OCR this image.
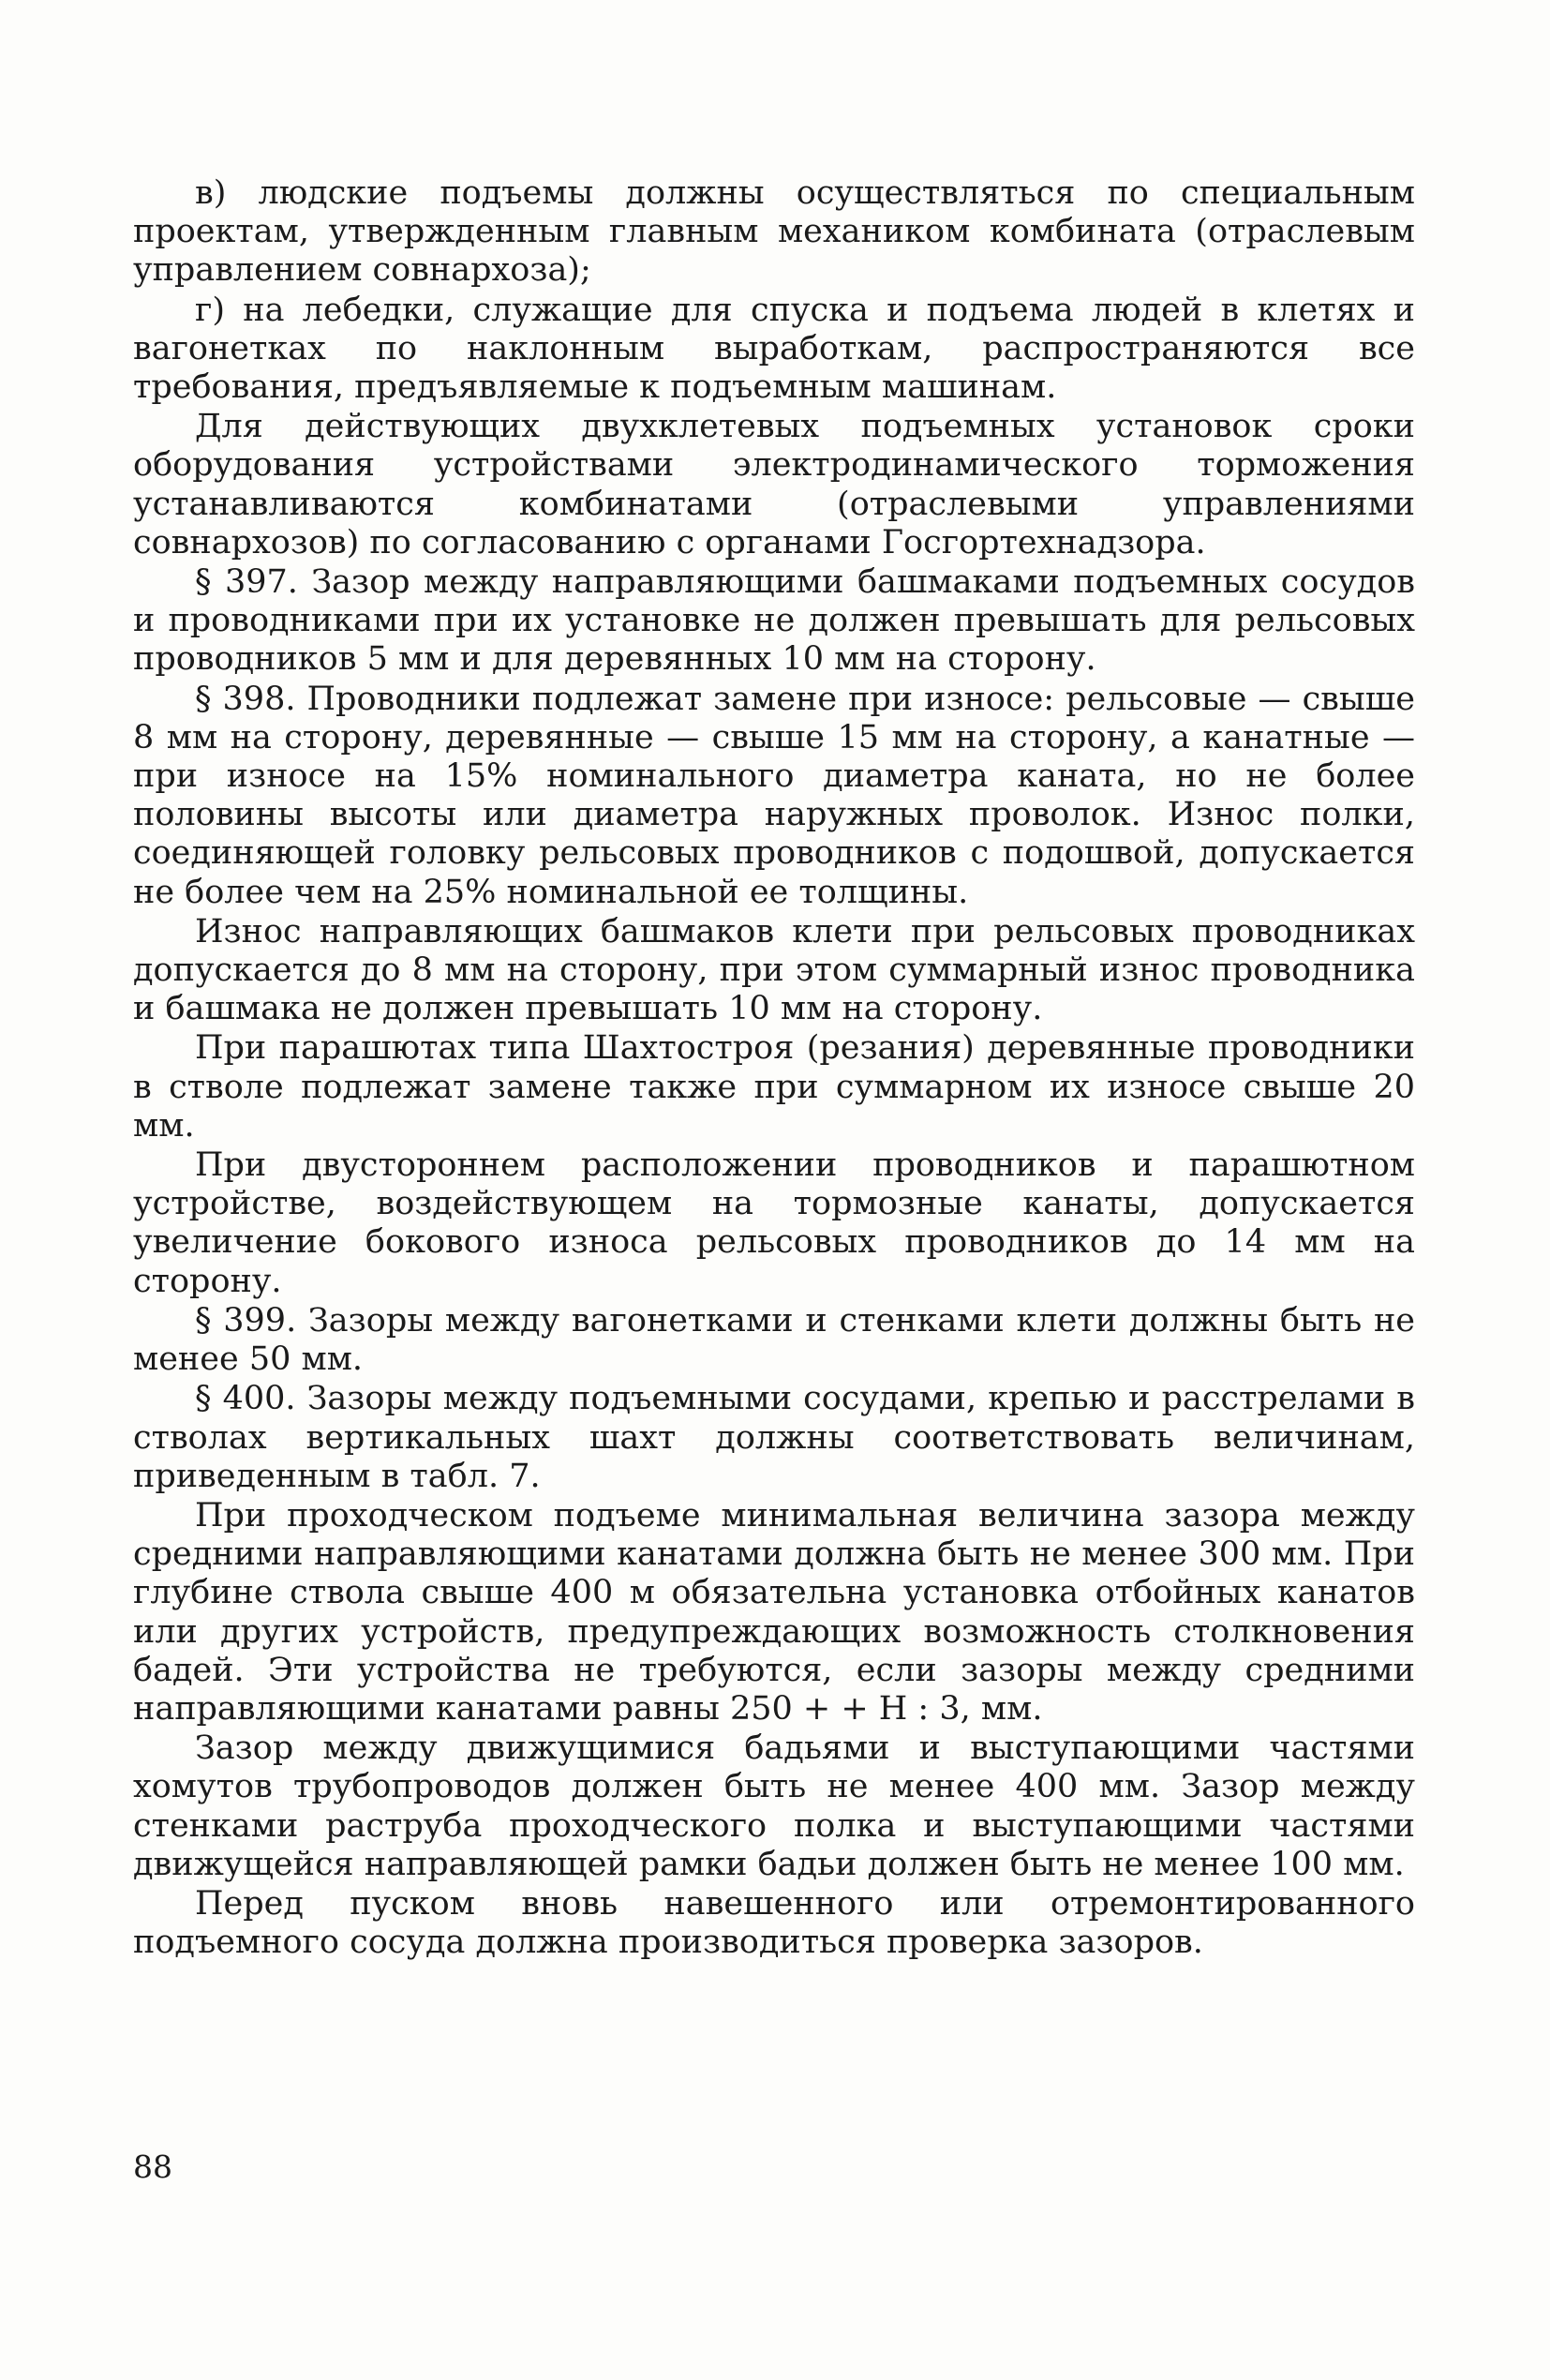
в) людские подъемы должны осуществляться по специальным проектам, утвержденным главным механиком комбината (отраслевым управлением совнархоза);

г) на лебедки, служащие для спуска и подъема людей в клетях и вагонетках по наклонным выработкам, распространяются все требования, предъявляемые к подъемным машинам.

Для действующих двухклетевых подъемных установок сроки оборудования устройствами электродинамического торможения устанавливаются комбинатами (отраслевыми управлениями совнархозов) по согласованию с органами Госгортехнадзора.

§ 397. Зазор между направляющими башмаками подъемных сосудов и проводниками при их установке не должен превышать для рельсовых проводников 5 мм и для деревянных 10 мм на сторону.

§ 398. Проводники подлежат замене при износе: рельсовые — свыше 8 мм на сторону, деревянные — свыше 15 мм на сторону, а канатные — при износе на 15% номинального диаметра каната, но не более половины высоты или диаметра наружных проволок. Износ полки, соединяющей головку рельсовых проводников с подошвой, допускается не более чем на 25% номинальной ее толщины.

Износ направляющих башмаков клети при рельсовых проводниках допускается до 8 мм на сторону, при этом суммарный износ проводника и башмака не должен превышать 10 мм на сторону.

При парашютах типа Шахтостроя (резания) деревянные проводники в стволе подлежат замене также при суммарном их износе свыше 20 мм.

При двустороннем расположении проводников и парашютном устройстве, воздействующем на тормозные канаты, допускается увеличение бокового износа рельсовых проводников до 14 мм на сторону.

§ 399. Зазоры между вагонетками и стенками клети должны быть не менее 50 мм.

§ 400. Зазоры между подъемными сосудами, крепью и расстрелами в стволах вертикальных шахт должны соответствовать величинам, приведенным в табл. 7.

При проходческом подъеме минимальная величина зазора между средними направляющими канатами должна быть не менее 300 мм. При глубине ствола свыше 400 м обязательна установка отбойных канатов или других устройств, предупреждающих возможность столкновения бадей. Эти устройства не требуются, если зазоры между средними направляющими канатами равны 250 + + H : 3, мм.

Зазор между движущимися бадьями и выступающими частями хомутов трубопроводов должен быть не менее 400 мм. Зазор между стенками раструба проходческого полка и выступающими частями движущейся направляющей рамки бадьи должен быть не менее 100 мм.

Перед пуском вновь навешенного или отремонтированного подъемного сосуда должна производиться проверка зазоров.

88
